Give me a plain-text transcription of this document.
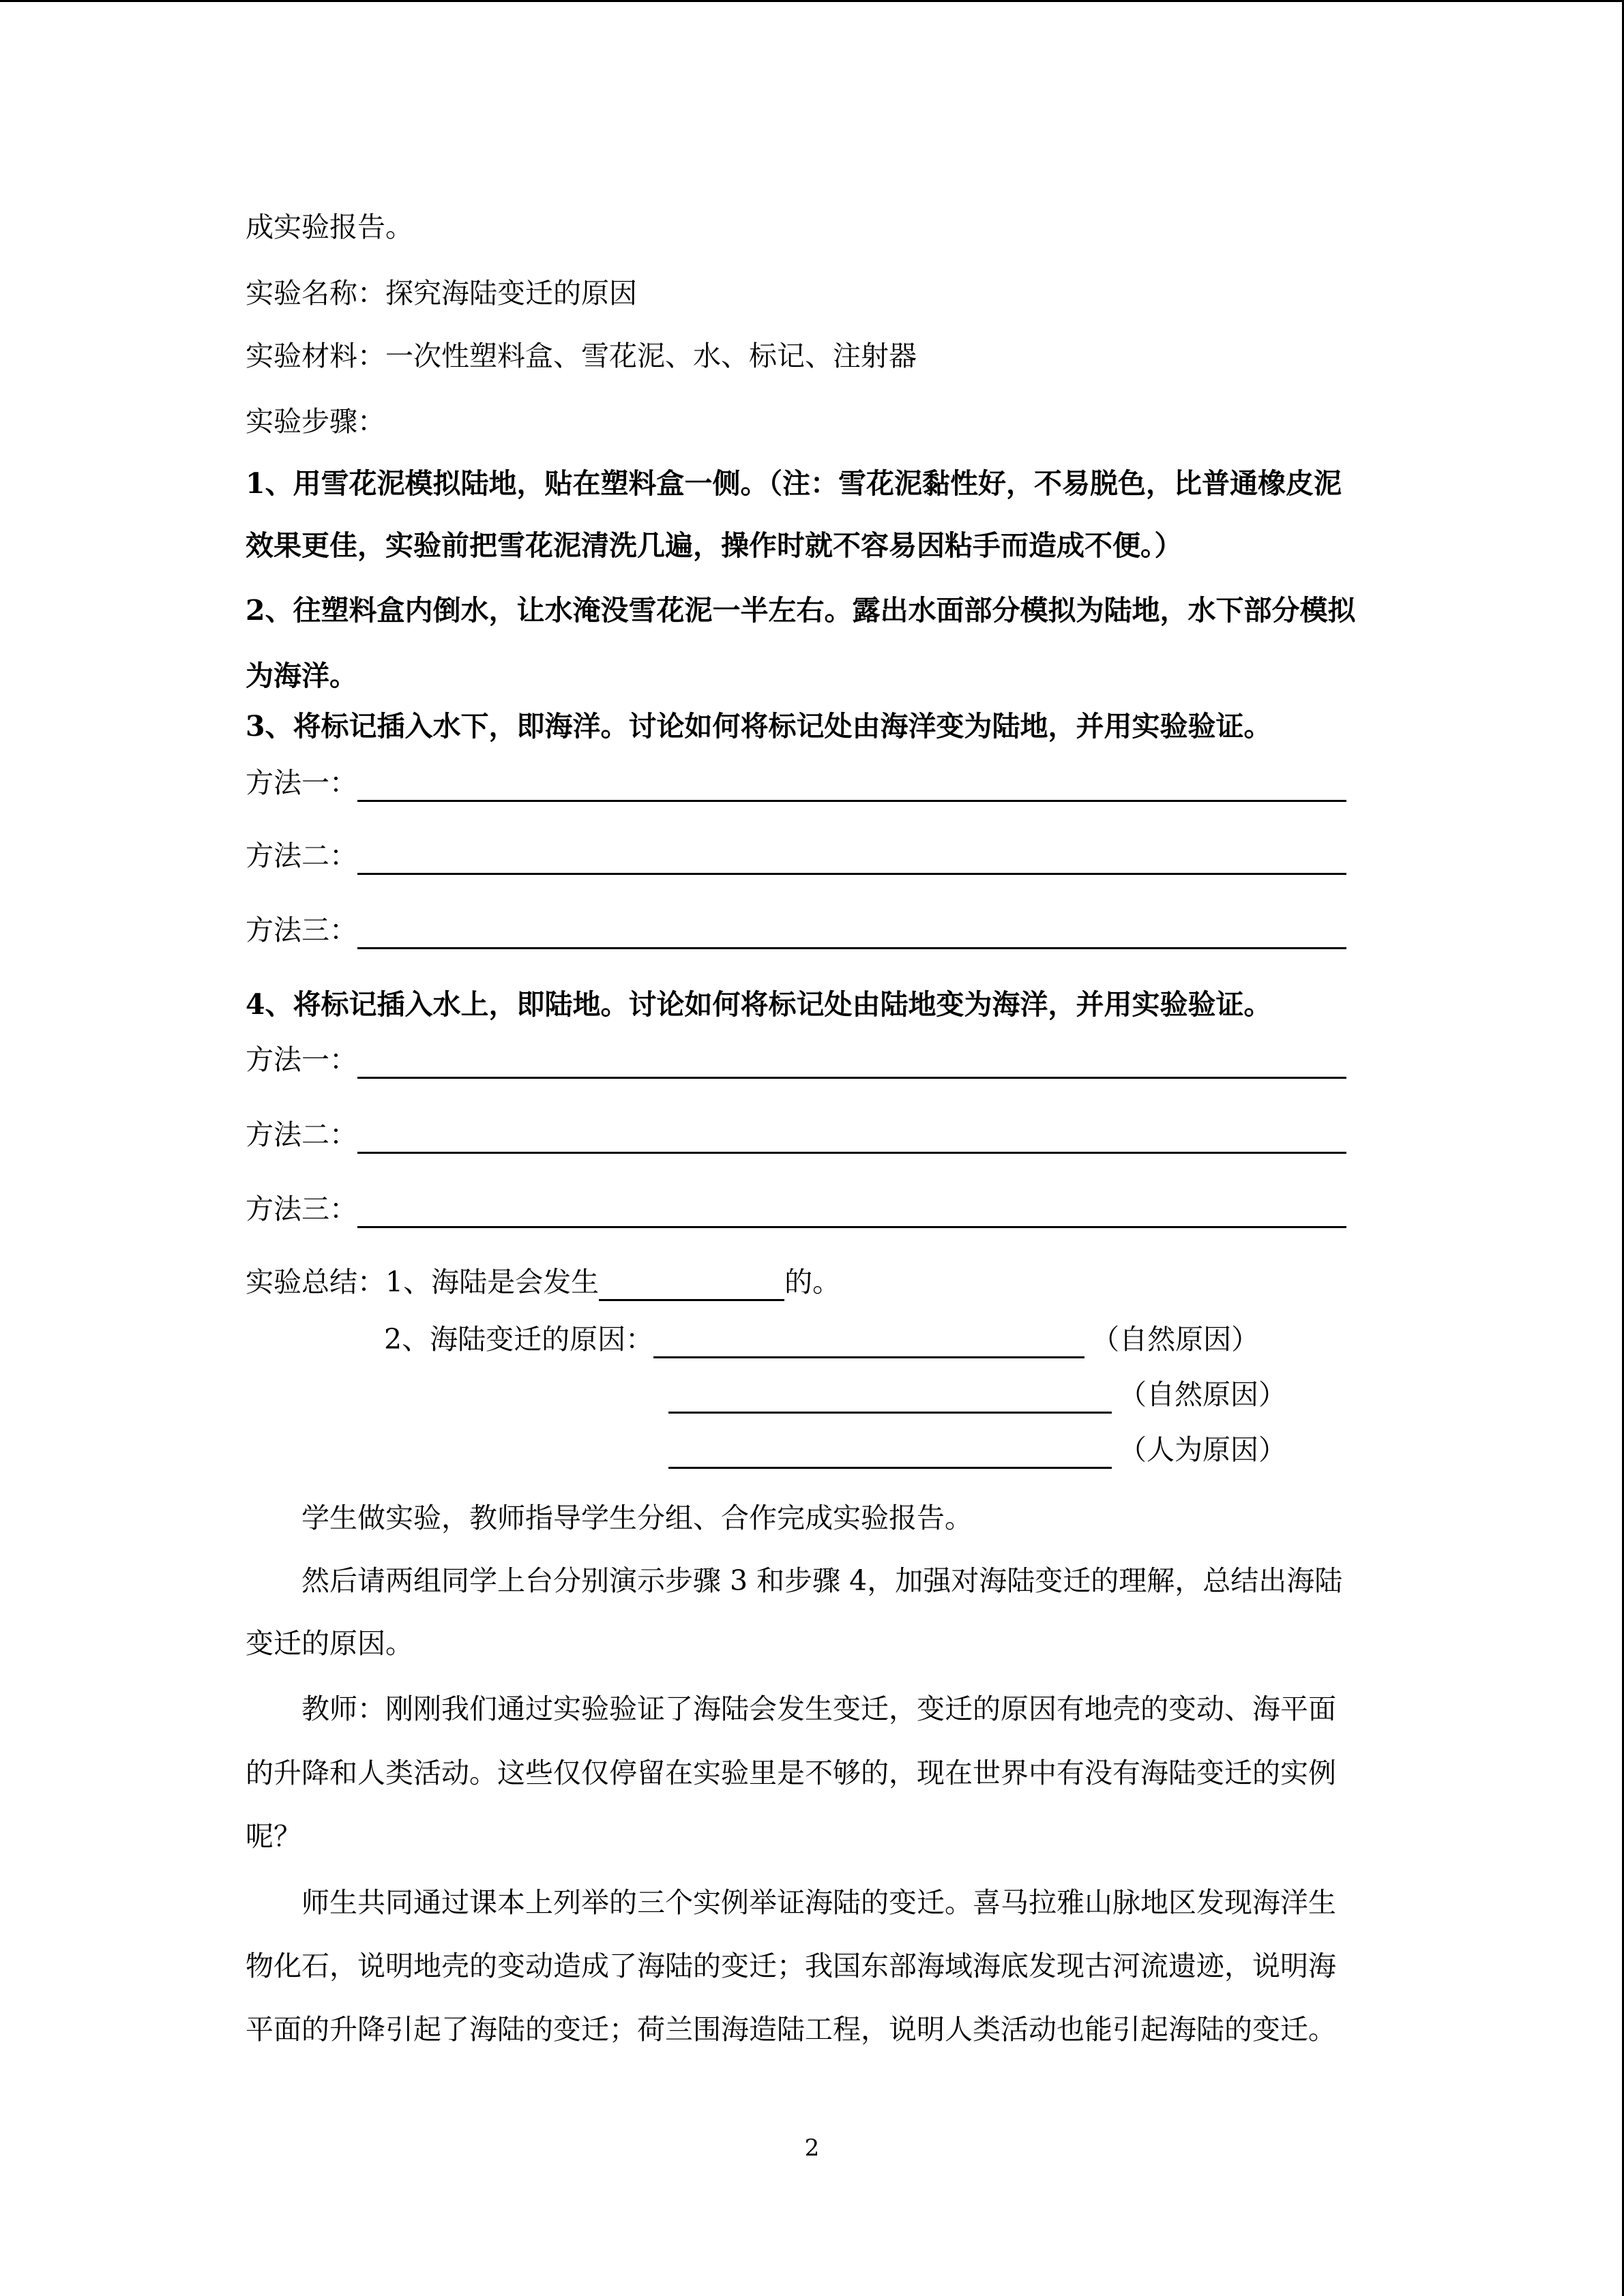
成实验报告。
实验名称：探究海陆变迁的原因
实验材料：一次性塑料盒、雪花泥、水、标记、注射器
实验步骤：
1、用雪花泥模拟陆地，贴在塑料盒一侧。（注：雪花泥黏性好，不易脱色，比普通橡皮泥
效果更佳，实验前把雪花泥清洗几遍，操作时就不容易因粘手而造成不便。）
2、往塑料盒内倒水，让水淹没雪花泥一半左右。露出水面部分模拟为陆地，水下部分模拟
为海洋。
3、将标记插入水下，即海洋。讨论如何将标记处由海洋变为陆地，并用实验验证。
方法一：
方法二：
方法三：
4、将标记插入水上，即陆地。讨论如何将标记处由陆地变为海洋，并用实验验证。
方法一：
方法二：
方法三：
实验总结：1、海陆是会发生	的。
2、海陆变迁的原因：	（自然原因）
（自然原因）
（人为原因）
学生做实验，教师指导学生分组、合作完成实验报告。
然后请两组同学上台分别演示步骤 3 和步骤 4，加强对海陆变迁的理解，总结出海陆
变迁的原因。
教师：刚刚我们通过实验验证了海陆会发生变迁，变迁的原因有地壳的变动、海平面
的升降和人类活动。这些仅仅停留在实验里是不够的，现在世界中有没有海陆变迁的实例
呢？
师生共同通过课本上列举的三个实例举证海陆的变迁。喜马拉雅山脉地区发现海洋生
物化石，说明地壳的变动造成了海陆的变迁；我国东部海域海底发现古河流遗迹，说明海
平面的升降引起了海陆的变迁；荷兰围海造陆工程，说明人类活动也能引起海陆的变迁。
2
